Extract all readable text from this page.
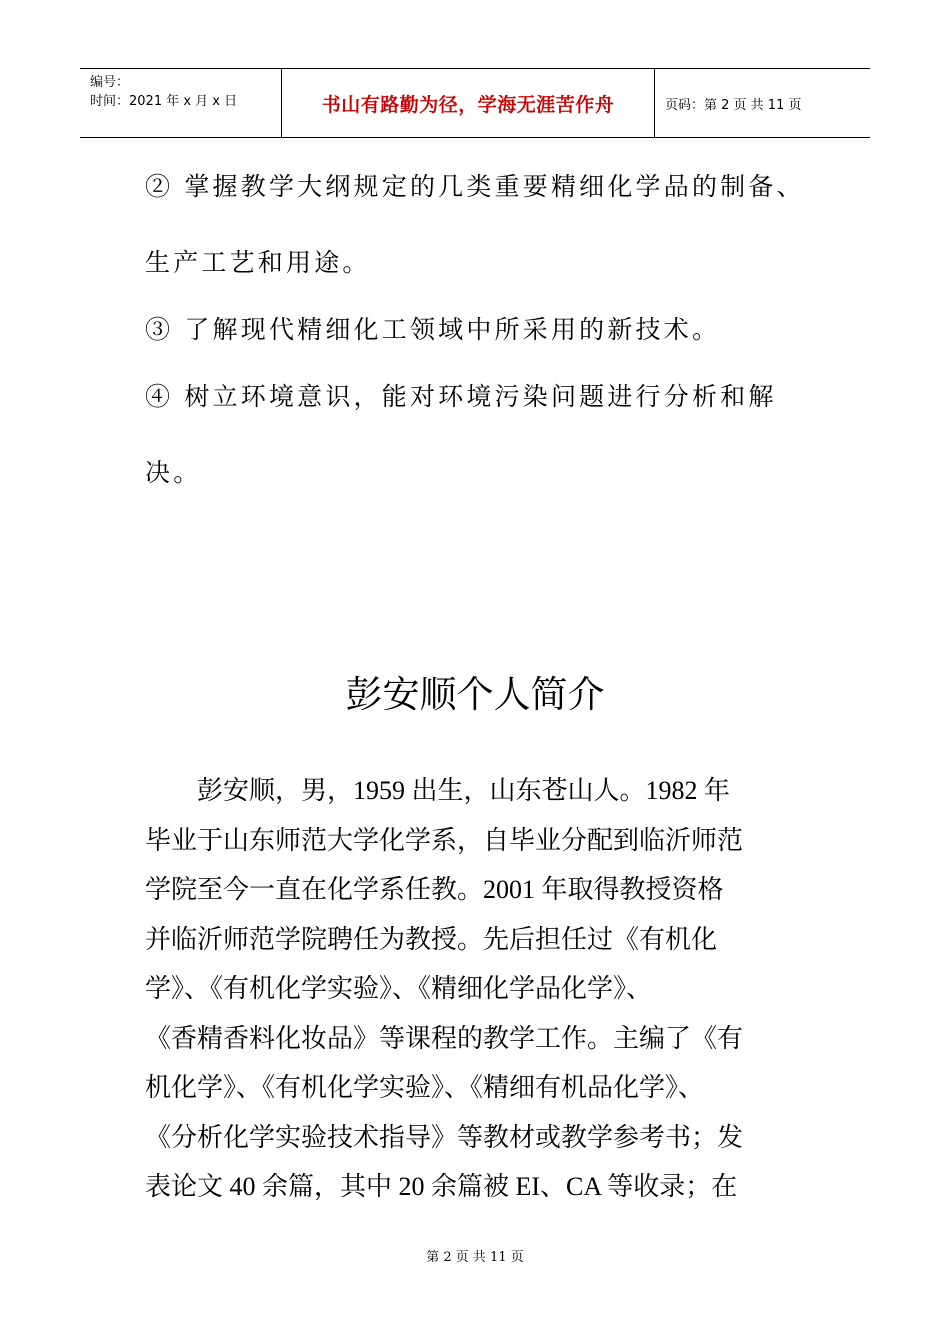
编号：
时间：2021 年 x 月 x 日	书山有路勤为径，学海无涯苦作舟	页码：第 2 页 共 11 页
② 掌握教学大纲规定的几类重要精细化学品的制备、
生产工艺和用途。
③ 了解现代精细化工领域中所采用的新技术。
④ 树立环境意识，能对环境污染问题进行分析和解
决。
彭安顺个人简介
　　彭安顺，男，1959 出生，山东苍山人。1982 年
毕业于山东师范大学化学系，自毕业分配到临沂师范
学院至今一直在化学系任教。2001 年取得教授资格
并临沂师范学院聘任为教授。先后担任过《有机化
学》、《有机化学实验》、《精细化学品化学》、
《香精香料化妆品》等课程的教学工作。主编了《有
机化学》、《有机化学实验》、《精细有机品化学》、
《分析化学实验技术指导》等教材或教学参考书；发
表论文 40 余篇，其中 20 余篇被 EI、CA 等收录；在
第 2 页 共 11 页
